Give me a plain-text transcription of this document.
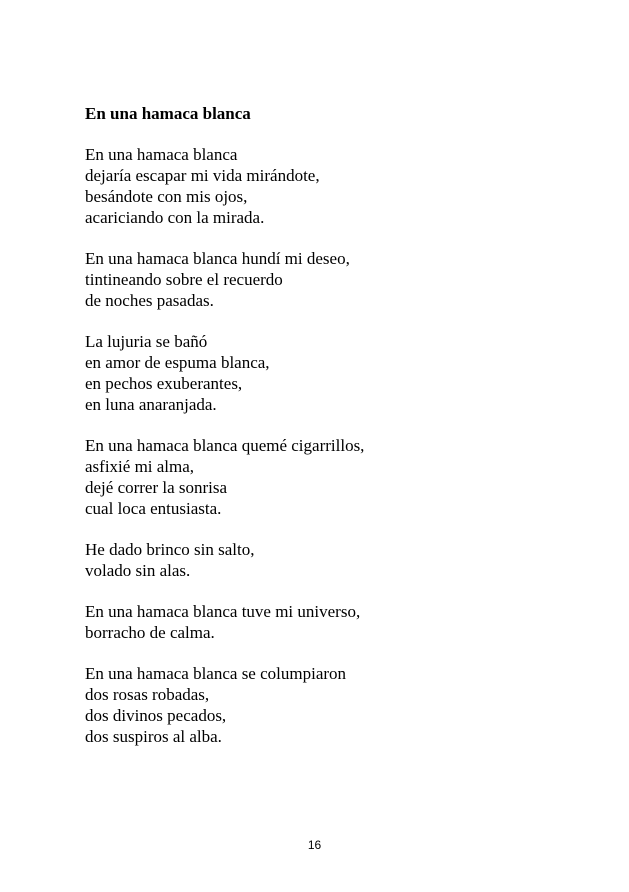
En una hamaca blanca
En una hamaca blanca
dejaría escapar mi vida mirándote,
besándote con mis ojos,
acariciando con la mirada.
En una hamaca blanca hundí mi deseo,
tintineando sobre el recuerdo
de noches pasadas.
La lujuria se bañó
en amor de espuma blanca,
en pechos exuberantes,
en luna anaranjada.
En una hamaca blanca quemé cigarrillos,
asfixié mi alma,
dejé correr la sonrisa
cual loca entusiasta.
He dado brinco sin salto,
volado sin alas.
En una hamaca blanca tuve mi universo,
borracho de calma.
En una hamaca blanca se columpiaron
dos rosas robadas,
dos divinos pecados,
dos suspiros al alba.
16
